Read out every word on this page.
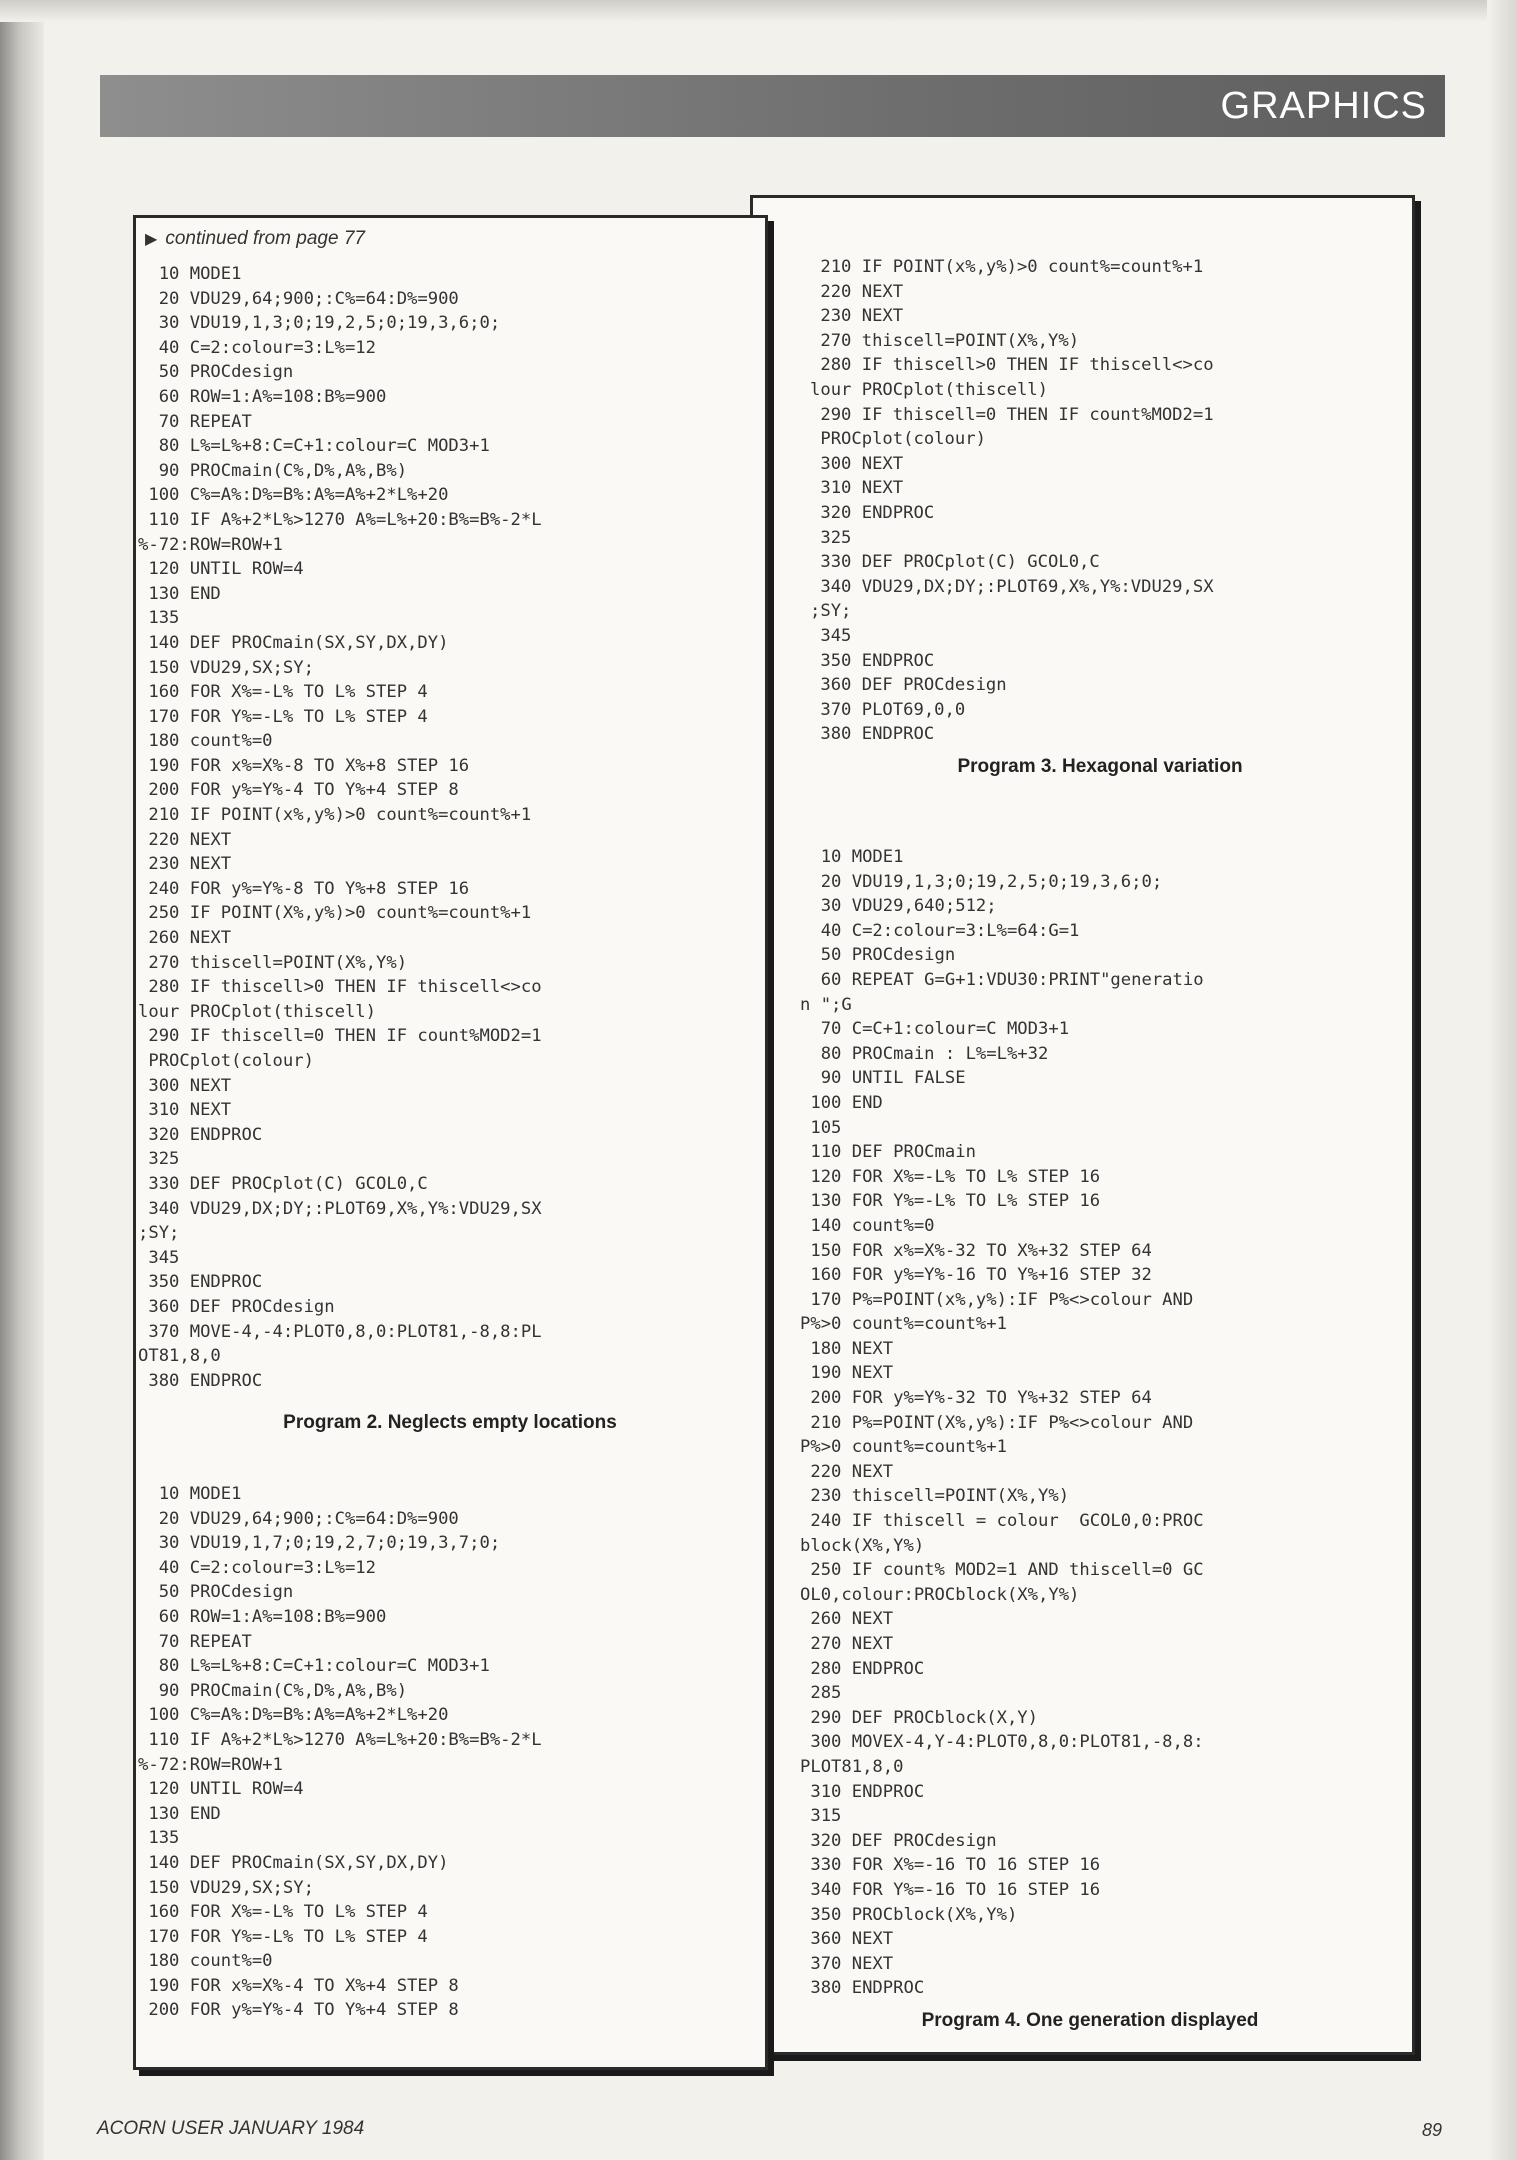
GRAPHICS
▶ continued from page 77
10 MODE1
20 VDU29,64;900;:C%=64:D%=900
30 VDU19,1,3;0;19,2,5;0;19,3,6;0;
40 C=2:colour=3:L%=12
50 PROCdesign
60 ROW=1:A%=108:B%=900
70 REPEAT
80 L%=L%+8:C=C+1:colour=C MOD3+1
90 PROCmain(C%,D%,A%,B%)
100 C%=A%:D%=B%:A%=A%+2*L%+20
110 IF A%+2*L%>1270 A%=L%+20:B%=B%-2*L
%-72:ROW=ROW+1
120 UNTIL ROW=4
130 END
135
140 DEF PROCmain(SX,SY,DX,DY)
150 VDU29,SX;SY;
160 FOR X%=-L% TO L% STEP 4
170 FOR Y%=-L% TO L% STEP 4
180 count%=0
190 FOR x%=X%-8 TO X%+8 STEP 16
200 FOR y%=Y%-4 TO Y%+4 STEP 8
210 IF POINT(x%,y%)>0 count%=count%+1
220 NEXT
230 NEXT
240 FOR y%=Y%-8 TO Y%+8 STEP 16
250 IF POINT(X%,y%)>0 count%=count%+1
260 NEXT
270 thiscell=POINT(X%,Y%)
280 IF thiscell>0 THEN IF thiscell<>co
lour PROCplot(thiscell)
290 IF thiscell=0 THEN IF count%MOD2=1
PROCplot(colour)
300 NEXT
310 NEXT
320 ENDPROC
325
330 DEF PROCplot(C) GCOL0,C
340 VDU29,DX;DY;:PLOT69,X%,Y%:VDU29,SX
;SY;
345
350 ENDPROC
360 DEF PROCdesign
370 MOVE-4,-4:PLOT0,8,0:PLOT81,-8,8:PL
OT81,8,0
380 ENDPROC
Program 2. Neglects empty locations
10 MODE1
20 VDU29,64;900;:C%=64:D%=900
30 VDU19,1,7;0;19,2,7;0;19,3,7;0;
40 C=2:colour=3:L%=12
50 PROCdesign
60 ROW=1:A%=108:B%=900
70 REPEAT
80 L%=L%+8:C=C+1:colour=C MOD3+1
90 PROCmain(C%,D%,A%,B%)
100 C%=A%:D%=B%:A%=A%+2*L%+20
110 IF A%+2*L%>1270 A%=L%+20:B%=B%-2*L
%-72:ROW=ROW+1
120 UNTIL ROW=4
130 END
135
140 DEF PROCmain(SX,SY,DX,DY)
150 VDU29,SX;SY;
160 FOR X%=-L% TO L% STEP 4
170 FOR Y%=-L% TO L% STEP 4
180 count%=0
190 FOR x%=X%-4 TO X%+4 STEP 8
200 FOR y%=Y%-4 TO Y%+4 STEP 8
210 IF POINT(x%,y%)>0 count%=count%+1
220 NEXT
230 NEXT
270 thiscell=POINT(X%,Y%)
280 IF thiscell>0 THEN IF thiscell<>co
lour PROCplot(thiscell)
290 IF thiscell=0 THEN IF count%MOD2=1
PROCplot(colour)
300 NEXT
310 NEXT
320 ENDPROC
325
330 DEF PROCplot(C) GCOL0,C
340 VDU29,DX;DY;:PLOT69,X%,Y%:VDU29,SX
;SY;
345
350 ENDPROC
360 DEF PROCdesign
370 PLOT69,0,0
380 ENDPROC
Program 3. Hexagonal variation
10 MODE1
20 VDU19,1,3;0;19,2,5;0;19,3,6;0;
30 VDU29,640;512;
40 C=2:colour=3:L%=64:G=1
50 PROCdesign
60 REPEAT G=G+1:VDU30:PRINT"generatio
n ";G
70 C=C+1:colour=C MOD3+1
80 PROCmain : L%=L%+32
90 UNTIL FALSE
100 END
105
110 DEF PROCmain
120 FOR X%=-L% TO L% STEP 16
130 FOR Y%=-L% TO L% STEP 16
140 count%=0
150 FOR x%=X%-32 TO X%+32 STEP 64
160 FOR y%=Y%-16 TO Y%+16 STEP 32
170 P%=POINT(x%,y%):IF P%<>colour AND
P%>0 count%=count%+1
180 NEXT
190 NEXT
200 FOR y%=Y%-32 TO Y%+32 STEP 64
210 P%=POINT(X%,y%):IF P%<>colour AND
P%>0 count%=count%+1
220 NEXT
230 thiscell=POINT(X%,Y%)
240 IF thiscell = colour  GCOL0,0:PROC
block(X%,Y%)
250 IF count% MOD2=1 AND thiscell=0 GC
OL0,colour:PROCblock(X%,Y%)
260 NEXT
270 NEXT
280 ENDPROC
285
290 DEF PROCblock(X,Y)
300 MOVEX-4,Y-4:PLOT0,8,0:PLOT81,-8,8:
PLOT81,8,0
310 ENDPROC
315
320 DEF PROCdesign
330 FOR X%=-16 TO 16 STEP 16
340 FOR Y%=-16 TO 16 STEP 16
350 PROCblock(X%,Y%)
360 NEXT
370 NEXT
380 ENDPROC
Program 4. One generation displayed
ACORN USER JANUARY 1984	89
